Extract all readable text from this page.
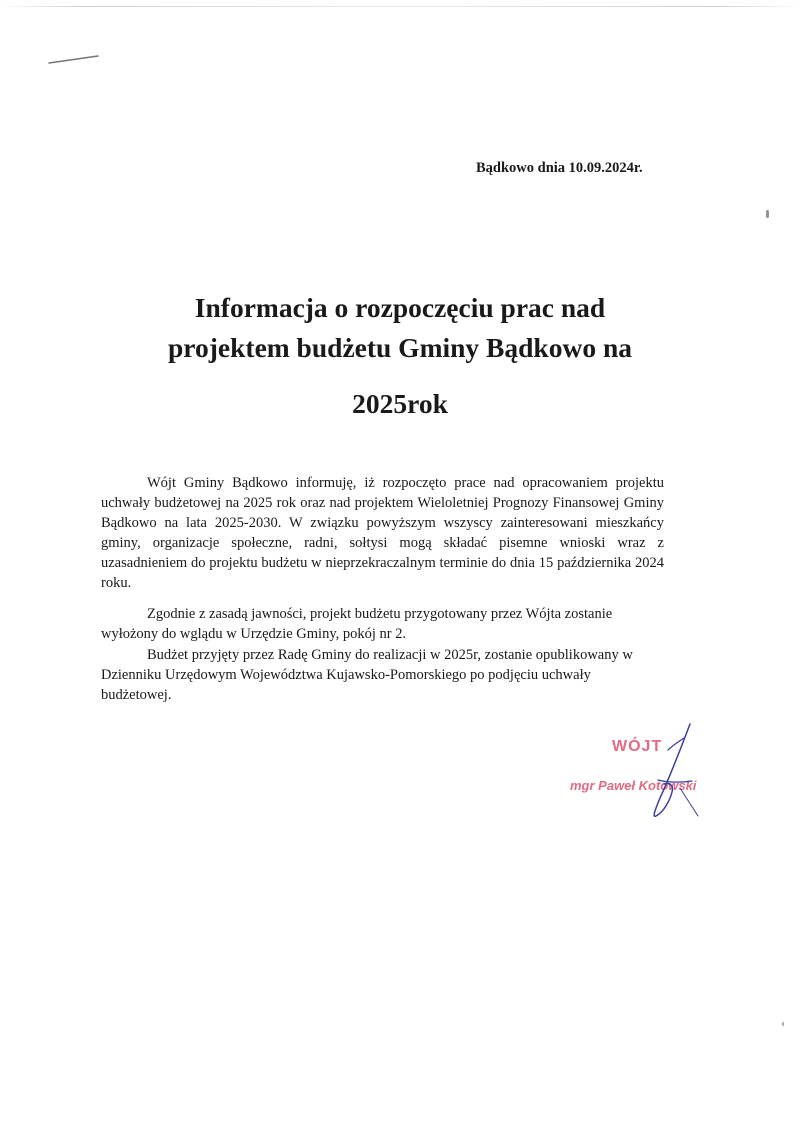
Bądkowo dnia 10.09.2024r.
Informacja o rozpoczęciu prac nad
projektem budżetu Gminy Bądkowo na
2025rok
Wójt Gminy Bądkowo informuję, iż rozpoczęto prace nad opracowaniem projektu uchwały budżetowej na 2025 rok oraz nad projektem Wieloletniej Prognozy Finansowej Gminy Bądkowo na lata 2025-2030. W związku powyższym wszyscy zainteresowani mieszkańcy gminy, organizacje społeczne, radni, sołtysi mogą składać pisemne wnioski wraz z uzasadnieniem do projektu budżetu w nieprzekraczalnym terminie do dnia 15 października 2024 roku.
Zgodnie z zasadą jawności, projekt budżetu przygotowany przez Wójta zostanie wyłożony do wglądu w Urzędzie Gminy, pokój nr 2.
Budżet przyjęty przez Radę Gminy do realizacji w 2025r, zostanie opublikowany w Dzienniku Urzędowym Województwa Kujawsko-Pomorskiego po podjęciu uchwały budżetowej.
WÓJT
mgr Paweł Kotowski
